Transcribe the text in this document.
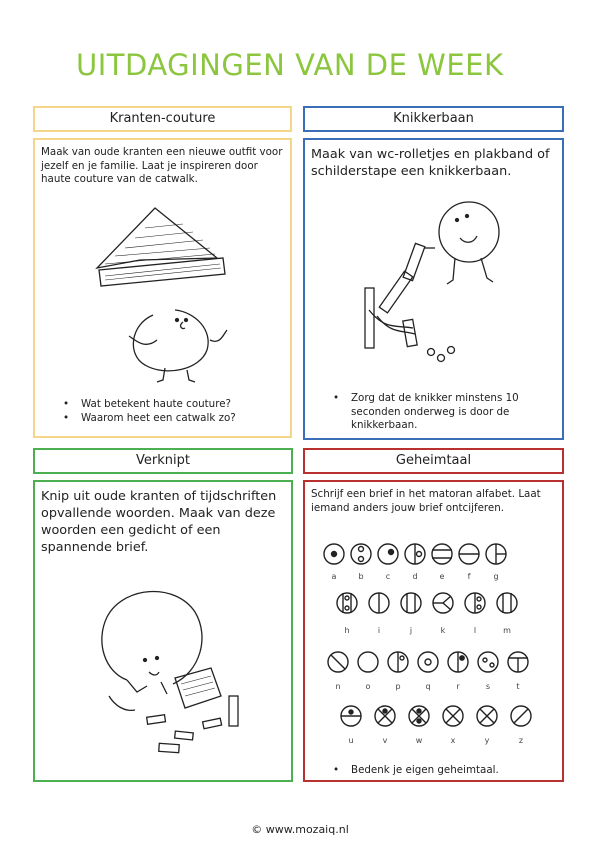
UITDAGINGEN VAN DE WEEK
Kranten-couture
Maak van oude kranten een nieuwe outfit voor jezelf en je familie. Laat je inspireren door haute couture van de catwalk.
• Wat betekent haute couture?
• Waarom heet een catwalk zo?
Knikkerbaan
Maak van wc-rolletjes en plakband of schilderstape een knikkerbaan.
• Zorg dat de knikker minstens 10 seconden onderweg is door de knikkerbaan.
Verknipt
Knip uit oude kranten of tijdschriften opvallende woorden. Maak van deze woorden een gedicht of een spannende brief.
Geheimtaal
Schrijf een brief in het matoran alfabet. Laat iemand anders jouw brief ontcijferen.
a	b	c	d	e	f	g
h	i	j	k	l	m
n	o	p	q	r	s	t
u	v	w	x	y	z
• Bedenk je eigen geheimtaal.
© www.mozaiq.nl
